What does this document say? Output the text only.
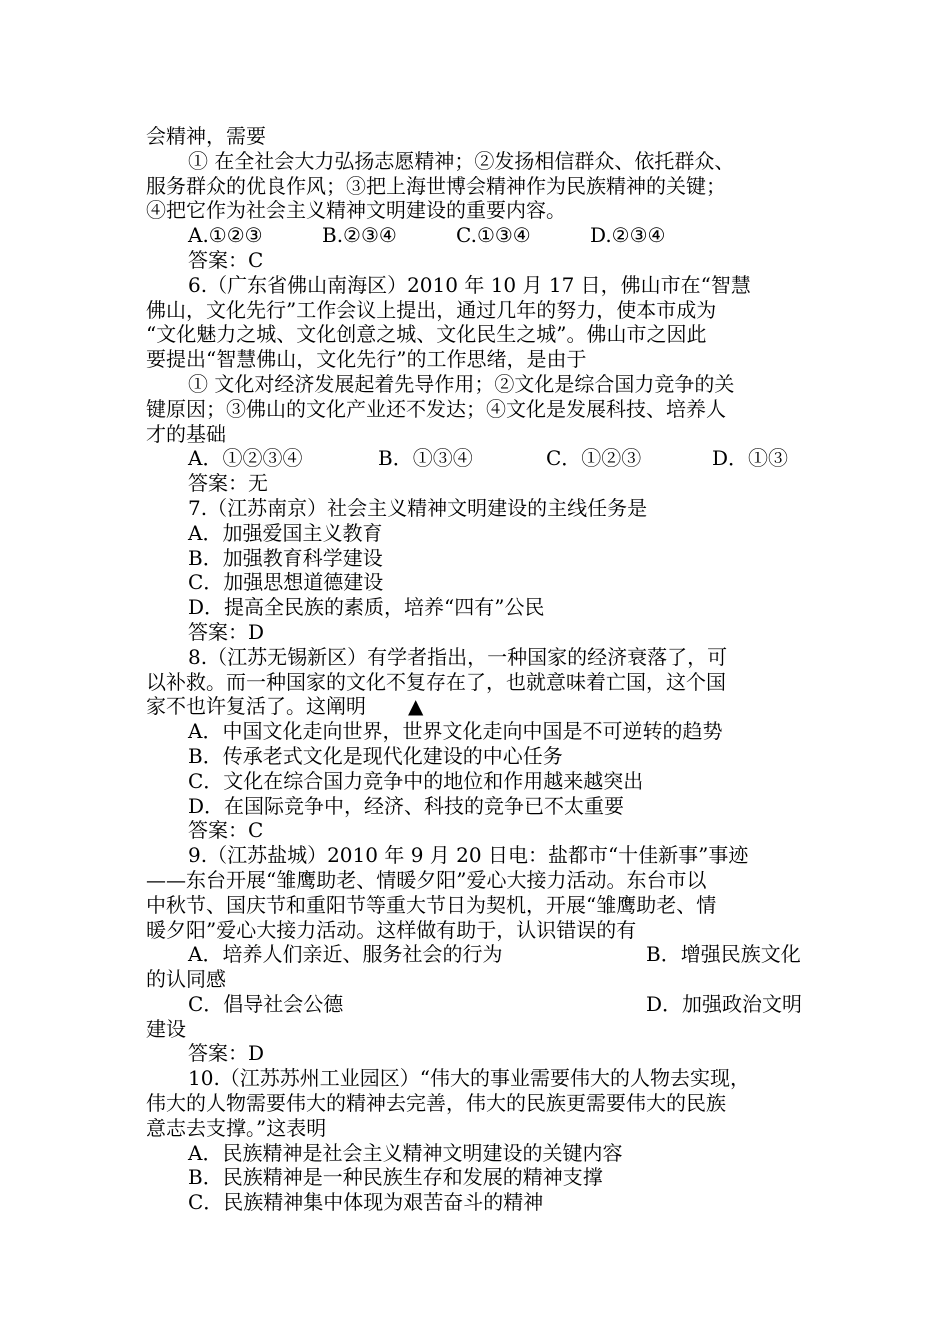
会精神，需要

① 在全社会大力弘扬志愿精神；②发扬相信群众、依托群众、

服务群众的优良作风；③把上海世博会精神作为民族精神的关键；

④把它作为社会主义精神文明建设的重要内容。

A.①②③	B.②③④	C.①③④	D.②③④

答案：C

6.（广东省佛山南海区）2010 年 10 月 17 日，佛山市在“智慧

佛山，文化先行”工作会议上提出，通过几年的努力，使本市成为

“文化魅力之城、文化创意之城、文化民生之城”。佛山市之因此

要提出“智慧佛山，文化先行”的工作思绪，是由于

① 文化对经济发展起着先导作用；②文化是综合国力竞争的关

键原因；③佛山的文化产业还不发达；④文化是发展科技、培养人

才的基础

A．①②③④	B．①③④	C．①②③	D．①③

答案：无

7.（江苏南京）社会主义精神文明建设的主线任务是

A．加强爱国主义教育

B．加强教育科学建设

C．加强思想道德建设

D．提高全民族的素质，培养“四有”公民

答案：D

8.（江苏无锡新区）有学者指出，一种国家的经济衰落了，可

以补救。而一种国家的文化不复存在了，也就意味着亡国，这个国

家不也许复活了。这阐明 ▲

A．中国文化走向世界，世界文化走向中国是不可逆转的趋势

B．传承老式文化是现代化建设的中心任务

C．文化在综合国力竞争中的地位和作用越来越突出

D．在国际竞争中，经济、科技的竞争已不太重要

答案：C

9.（江苏盐城）2010 年 9 月 20 日电：盐都市“十佳新事”事迹

——东台开展“雏鹰助老、情暖夕阳”爱心大接力活动。东台市以

中秋节、国庆节和重阳节等重大节日为契机，开展“雏鹰助老、情

暖夕阳”爱心大接力活动。这样做有助于，认识错误的有

A．培养人们亲近、服务社会的行为	B．增强民族文化

的认同感

C．倡导社会公德	D．加强政治文明

建设

答案：D

10.（江苏苏州工业园区）“伟大的事业需要伟大的人物去实现，

伟大的人物需要伟大的精神去完善，伟大的民族更需要伟大的民族

意志去支撑。”这表明

A．民族精神是社会主义精神文明建设的关键内容

B．民族精神是一种民族生存和发展的精神支撑

C．民族精神集中体现为艰苦奋斗的精神
